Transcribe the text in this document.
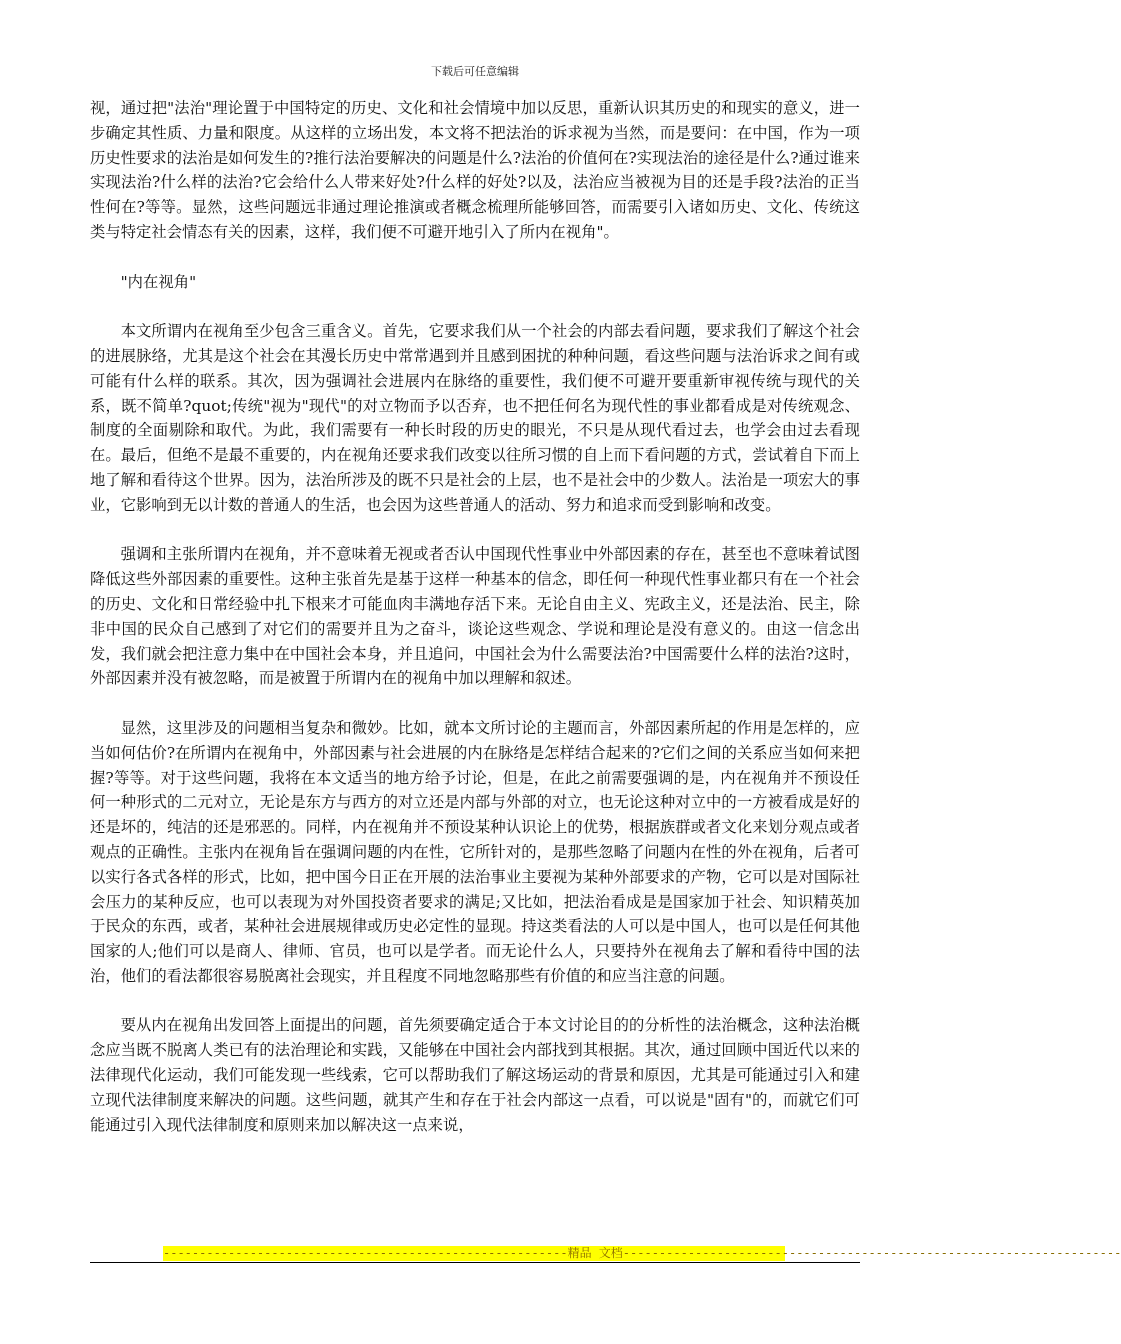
下载后可任意编辑

视，通过把"法治"理论置于中国特定的历史、文化和社会情境中加以反思，重新认识其历史的和现实的意义，进一步确定其性质、力量和限度。从这样的立场出发，本文将不把法治的诉求视为当然，而是要问：在中国，作为一项历史性要求的法治是如何发生的?推行法治要解决的问题是什么?法治的价值何在?实现法治的途径是什么?通过谁来实现法治?什么样的法治?它会给什么人带来好处?什么样的好处?以及，法治应当被视为目的还是手段?法治的正当性何在?等等。显然，这些问题远非通过理论推演或者概念梳理所能够回答，而需要引入诸如历史、文化、传统这类与特定社会情态有关的因素，这样，我们便不可避开地引入了所内在视角"。

"内在视角"

本文所谓内在视角至少包含三重含义。首先，它要求我们从一个社会的内部去看问题，要求我们了解这个社会的进展脉络，尤其是这个社会在其漫长历史中常常遇到并且感到困扰的种种问题，看这些问题与法治诉求之间有或可能有什么样的联系。其次，因为强调社会进展内在脉络的重要性，我们便不可避开要重新审视传统与现代的关系，既不简单?quot;传统"视为"现代"的对立物而予以否弃，也不把任何名为现代性的事业都看成是对传统观念、制度的全面剔除和取代。为此，我们需要有一种长时段的历史的眼光，不只是从现代看过去，也学会由过去看现在。最后，但绝不是最不重要的，内在视角还要求我们改变以往所习惯的自上而下看问题的方式，尝试着自下而上地了解和看待这个世界。因为，法治所涉及的既不只是社会的上层，也不是社会中的少数人。法治是一项宏大的事业，它影响到无以计数的普通人的生活，也会因为这些普通人的活动、努力和追求而受到影响和改变。

强调和主张所谓内在视角，并不意味着无视或者否认中国现代性事业中外部因素的存在，甚至也不意味着试图降低这些外部因素的重要性。这种主张首先是基于这样一种基本的信念，即任何一种现代性事业都只有在一个社会的历史、文化和日常经验中扎下根来才可能血肉丰满地存活下来。无论自由主义、宪政主义，还是法治、民主，除非中国的民众自己感到了对它们的需要并且为之奋斗，谈论这些观念、学说和理论是没有意义的。由这一信念出发，我们就会把注意力集中在中国社会本身，并且追问，中国社会为什么需要法治?中国需要什么样的法治?这时，外部因素并没有被忽略，而是被置于所谓内在的视角中加以理解和叙述。

显然，这里涉及的问题相当复杂和微妙。比如，就本文所讨论的主题而言，外部因素所起的作用是怎样的，应当如何估价?在所谓内在视角中，外部因素与社会进展的内在脉络是怎样结合起来的?它们之间的关系应当如何来把握?等等。对于这些问题，我将在本文适当的地方给予讨论，但是，在此之前需要强调的是，内在视角并不预设任何一种形式的二元对立，无论是东方与西方的对立还是内部与外部的对立，也无论这种对立中的一方被看成是好的还是坏的，纯洁的还是邪恶的。同样，内在视角并不预设某种认识论上的优势，根据族群或者文化来划分观点或者观点的正确性。主张内在视角旨在强调问题的内在性，它所针对的，是那些忽略了问题内在性的外在视角，后者可以实行各式各样的形式，比如，把中国今日正在开展的法治事业主要视为某种外部要求的产物，它可以是对国际社会压力的某种反应，也可以表现为对外国投资者要求的满足;又比如，把法治看成是是国家加于社会、知识精英加于民众的东西，或者，某种社会进展规律或历史必定性的显现。持这类看法的人可以是中国人，也可以是任何其他国家的人;他们可以是商人、律师、官员，也可以是学者。而无论什么人，只要持外在视角去了解和看待中国的法治，他们的看法都很容易脱离社会现实，并且程度不同地忽略那些有价值的和应当注意的问题。

要从内在视角出发回答上面提出的问题，首先须要确定适合于本文讨论目的的分析性的法治概念，这种法治概念应当既不脱离人类已有的法治理论和实践，又能够在中国社会内部找到其根据。其次，通过回顾中国近代以来的法律现代化运动，我们可能发现一些线索，它可以帮助我们了解这场运动的背景和原因，尤其是可能通过引入和建立现代法律制度来解决的问题。这些问题，就其产生和存在于社会内部这一点看，可以说是"固有"的，而就它们可能通过引入现代法律制度和原则来加以解决这一点来说，

--------------------------------------------------------精品 文档---------------------------------------------------------------------
